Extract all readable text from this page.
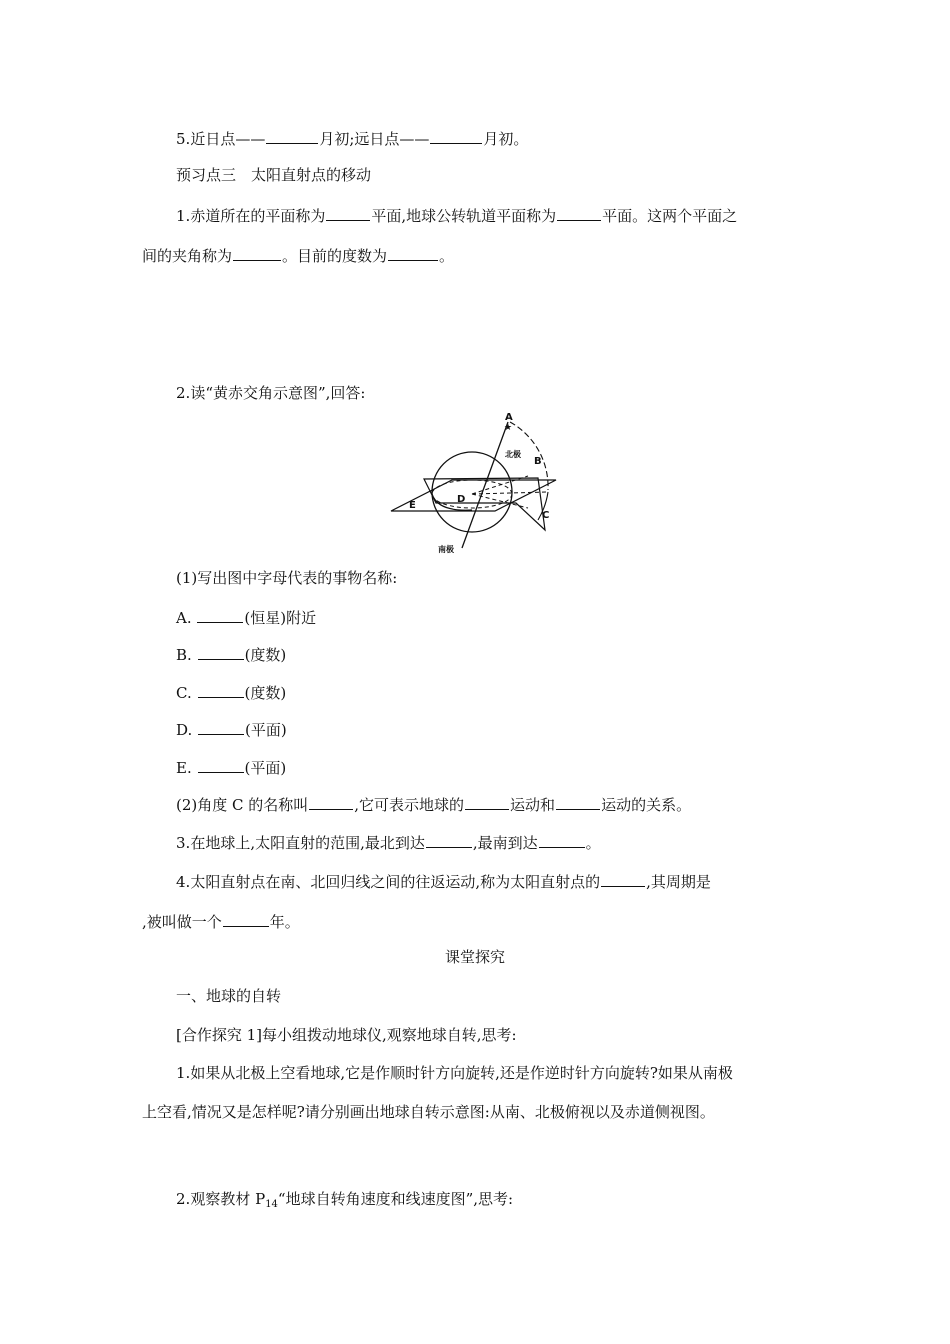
5.近日点——	月初;远日点——	月初。
预习点三　太阳直射点的移动
1.赤道所在的平面称为	平面,地球公转轨道平面称为	平面。这两个平面之
间的夹角称为	。目前的度数为	。
2.读“黄赤交角示意图”,回答:
★
A
B
C
D
E
北极
南极
(1)写出图中字母代表的事物名称:
A.	(恒星)附近
B.	(度数)
C.	(度数)
D.	(平面)
E.	(平面)
(2)角度 C 的名称叫	,它可表示地球的	运动和	运动的关系。
3.在地球上,太阳直射的范围,最北到达	,最南到达	。
4.太阳直射点在南、北回归线之间的往返运动,称为太阳直射点的	,其周期是
,被叫做一个	年。
课堂探究
一、地球的自转
[合作探究 1]每小组拨动地球仪,观察地球自转,思考:
1.如果从北极上空看地球,它是作顺时针方向旋转,还是作逆时针方向旋转?如果从南极
上空看,情况又是怎样呢?请分别画出地球自转示意图:从南、北极俯视以及赤道侧视图。
2.观察教材 $P_{14}“$地球自转角速度和线速度图”,思考:
